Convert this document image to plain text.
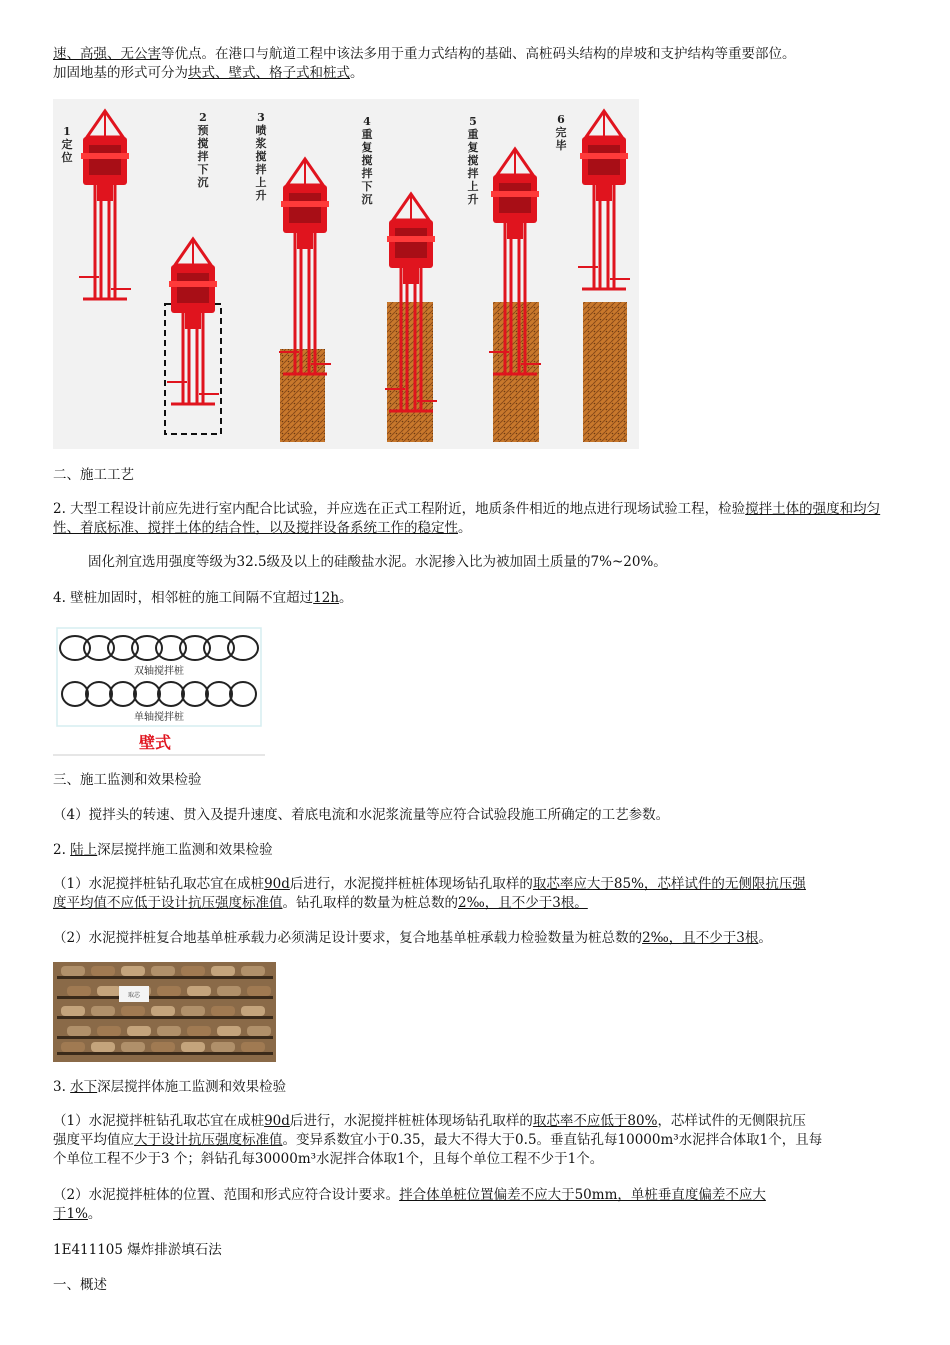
速、高强、无公害等优点。在港口与航道工程中该法多用于重力式结构的基础、高桩码头结构的岸坡和支护结构等重要部位。
加固地基的形式可分为块式、壁式、格子式和桩式。
1
定
位
2
预
搅
拌
下
沉
3
喷
浆
搅
拌
上
升
4
重
复
搅
拌
下
沉
5
重
复
搅
拌
上
升
6
完
毕
二、施工工艺
2. 大型工程设计前应先进行室内配合比试验，并应选在正式工程附近，地质条件相近的地点进行现场试验工程，检验搅拌土体的强度和均匀性、着底标准、搅拌土体的结合性，以及搅拌设备系统工作的稳定性。
固化剂宜选用强度等级为32.5级及以上的硅酸盐水泥。水泥掺入比为被加固土质量的7%~20%。
4. 壁桩加固时，相邻桩的施工间隔不宜超过12h。
双轴搅拌桩
单轴搅拌桩
壁式
三、施工监测和效果检验
（4）搅拌头的转速、贯入及提升速度、着底电流和水泥浆流量等应符合试验段施工所确定的工艺参数。
2. 陆上深层搅拌施工监测和效果检验
（1）水泥搅拌桩钻孔取芯宜在成桩90d后进行，水泥搅拌桩桩体现场钻孔取样的取芯率应大于85%，芯样试件的无侧限抗压强
度平均值不应低于设计抗压强度标准值。钻孔取样的数量为桩总数的2‰，且不少于3根。
（2）水泥搅拌桩复合地基单桩承载力必须满足设计要求，复合地基单桩承载力检验数量为桩总数的2‰，且不少于3根。
取芯
3. 水下深层搅拌体施工监测和效果检验
（1）水泥搅拌桩钻孔取芯宜在成桩90d后进行，水泥搅拌桩桩体现场钻孔取样的取芯率不应低于80%，芯样试件的无侧限抗压
强度平均值应大于设计抗压强度标准值。变异系数宜小于0.35，最大不得大于0.5。垂直钻孔每10000m³水泥拌合体取1个，且每
个单位工程不少于3 个；斜钻孔每30000m³水泥拌合体取1个，且每个单位工程不少于1个。
（2）水泥搅拌桩体的位置、范围和形式应符合设计要求。拌合体单桩位置偏差不应大于50mm，单桩垂直度偏差不应大
于1%。
1E411105 爆炸排淤填石法
一、概述
